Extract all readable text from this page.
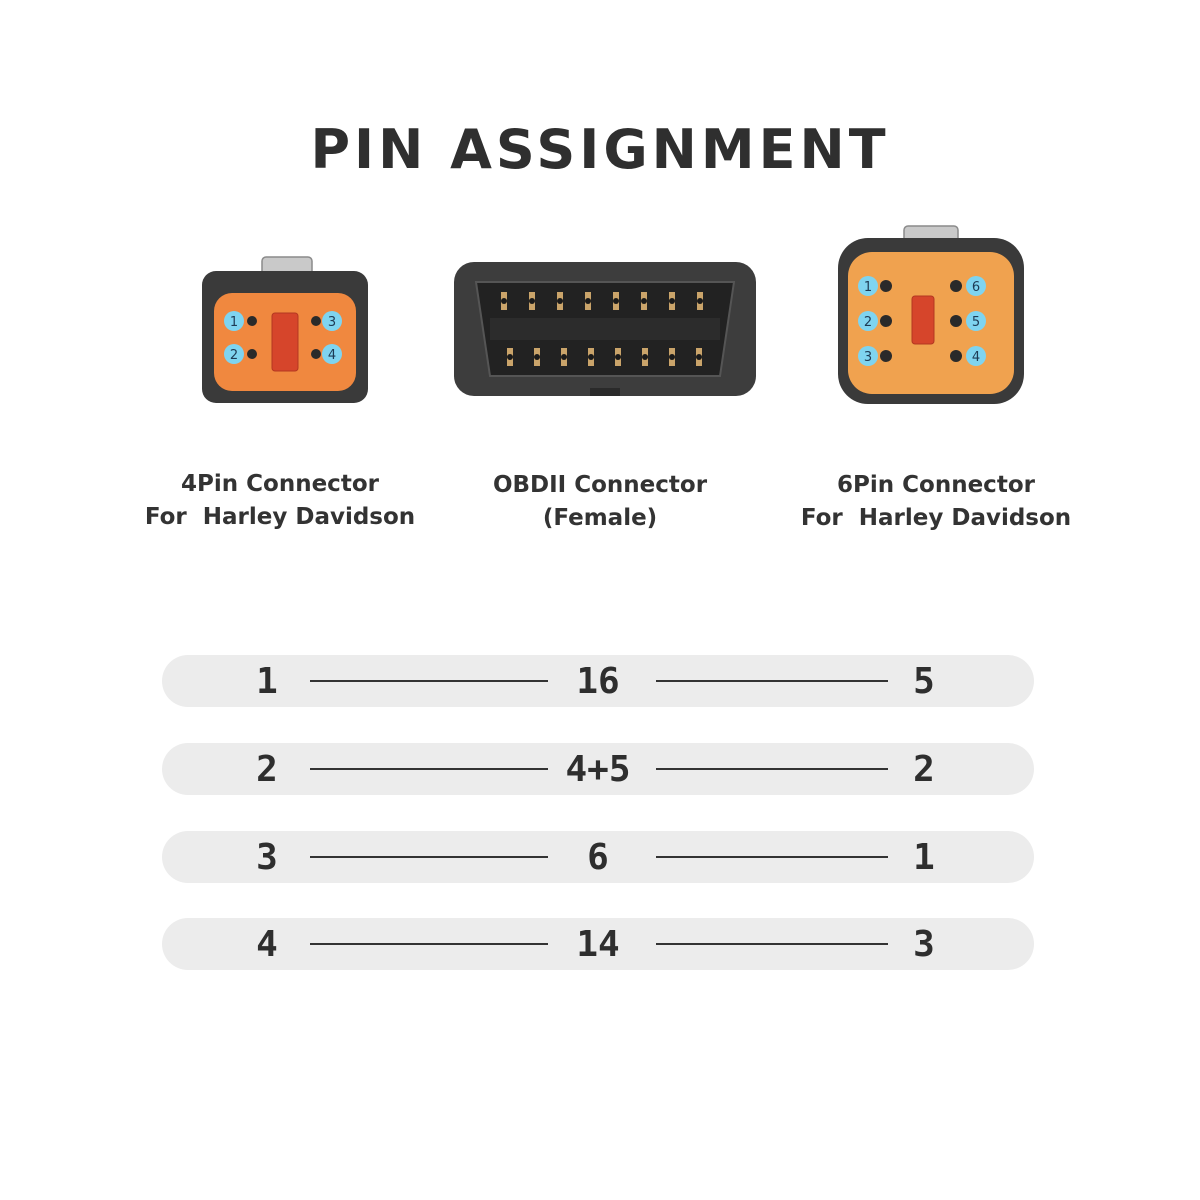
PIN ASSIGNMENT
1	3
2	4
1	6
2	5
3	4
4Pin Connector
For  Harley Davidson
OBDII Connector
(Female)
6Pin Connector
For  Harley Davidson
1	16	5
2	4+5	2
3	6	1
4	14	3
